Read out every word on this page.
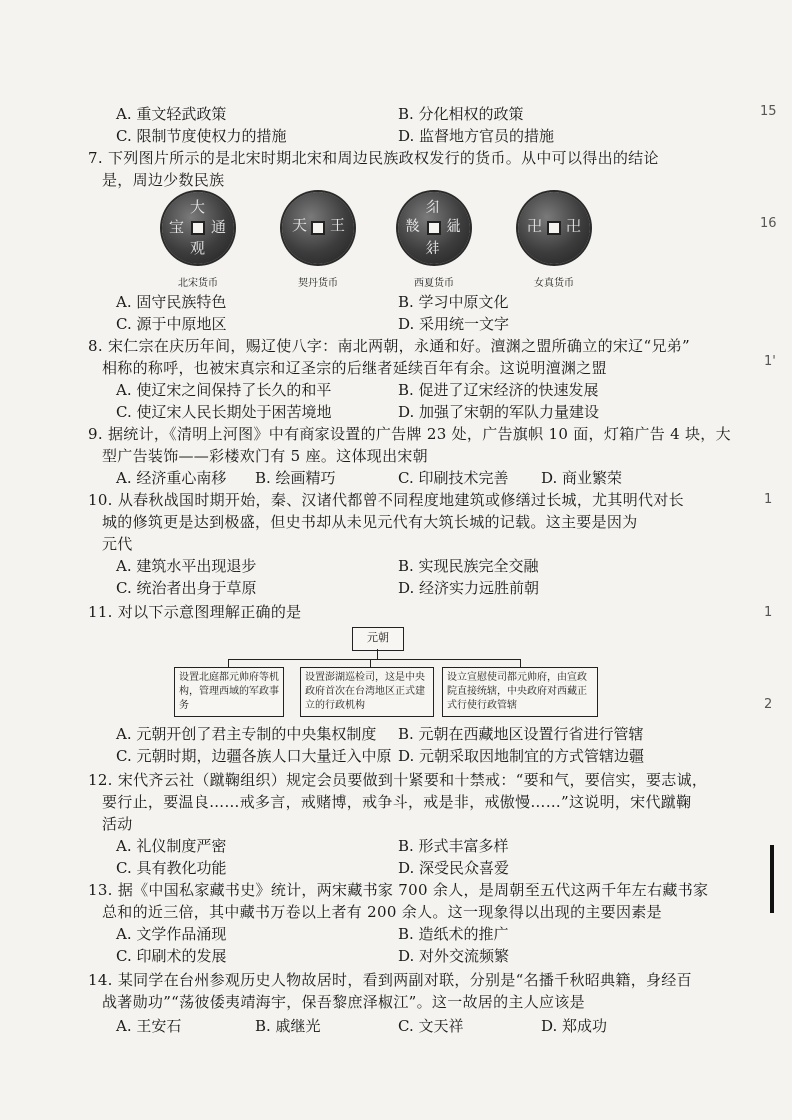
15
16
1'
1
1
2
A. 重文轻武政策	B. 分化相权的政策
C. 限制节度使权力的措施	D. 监督地方官员的措施
7. 下列图片所示的是北宋时期北宋和周边民族政权发行的货币。从中可以得出的结论
是，周边少数民族
大
观
通
宝	天 王
𗼃
𗢳
𗣼
𘕕	卍 卍
北宋货币	契丹货币	西夏货币	女真货币
A. 固守民族特色	B. 学习中原文化
C. 源于中原地区	D. 采用统一文字
8. 宋仁宗在庆历年间，赐辽使八字：南北两朝，永通和好。澶渊之盟所确立的宋辽“兄弟”
相称的称呼，也被宋真宗和辽圣宗的后继者延续百年有余。这说明澶渊之盟
A. 使辽宋之间保持了长久的和平	B. 促进了辽宋经济的快速发展
C. 使辽宋人民长期处于困苦境地	D. 加强了宋朝的军队力量建设
9. 据统计，《清明上河图》中有商家设置的广告牌 23 处，广告旗帜 10 面，灯箱广告 4 块，大
型广告装饰——彩楼欢门有 5 座。这体现出宋朝
A. 经济重心南移 B. 绘画精巧	C. 印刷技术完善 D. 商业繁荣
10. 从春秋战国时期开始，秦、汉诸代都曾不同程度地建筑或修缮过长城，尤其明代对长
城的修筑更是达到极盛，但史书却从未见元代有大筑长城的记载。这主要是因为
元代
A. 建筑水平出现退步	B. 实现民族完全交融
C. 统治者出身于草原	D. 经济实力远胜前朝
11. 对以下示意图理解正确的是
元朝
设置北庭都元帅府等机构，管理西域的军政事务
设置澎湖巡检司，这是中央政府首次在台湾地区正式建立的行政机构
设立宣慰使司都元帅府，由宣政院直接统辖，中央政府对西藏正式行使行政管辖
A. 元朝开创了君主专制的中央集权制度 B. 元朝在西藏地区设置行省进行管辖
C. 元朝时期，边疆各族人口大量迁入中原 D. 元朝采取因地制宜的方式管辖边疆
12. 宋代齐云社（蹴鞠组织）规定会员要做到十紧要和十禁戒：“要和气，要信实，要志诚，
要行止，要温良……戒多言，戒赌博，戒争斗，戒是非，戒傲慢……”这说明，宋代蹴鞠
活动
A. 礼仪制度严密	B. 形式丰富多样
C. 具有教化功能	D. 深受民众喜爱
13. 据《中国私家藏书史》统计，两宋藏书家 700 余人，是周朝至五代这两千年左右藏书家
总和的近三倍，其中藏书万卷以上者有 200 余人。这一现象得以出现的主要因素是
A. 文学作品涌现	B. 造纸术的推广
C. 印刷术的发展	D. 对外交流频繁
14. 某同学在台州参观历史人物故居时，看到两副对联，分别是“名播千秋昭典籍，身经百
战著勋功”“荡彼倭夷靖海宇，保吾黎庶泽椒江”。这一故居的主人应该是
A. 王安石	B. 戚继光	C. 文天祥	D. 郑成功
